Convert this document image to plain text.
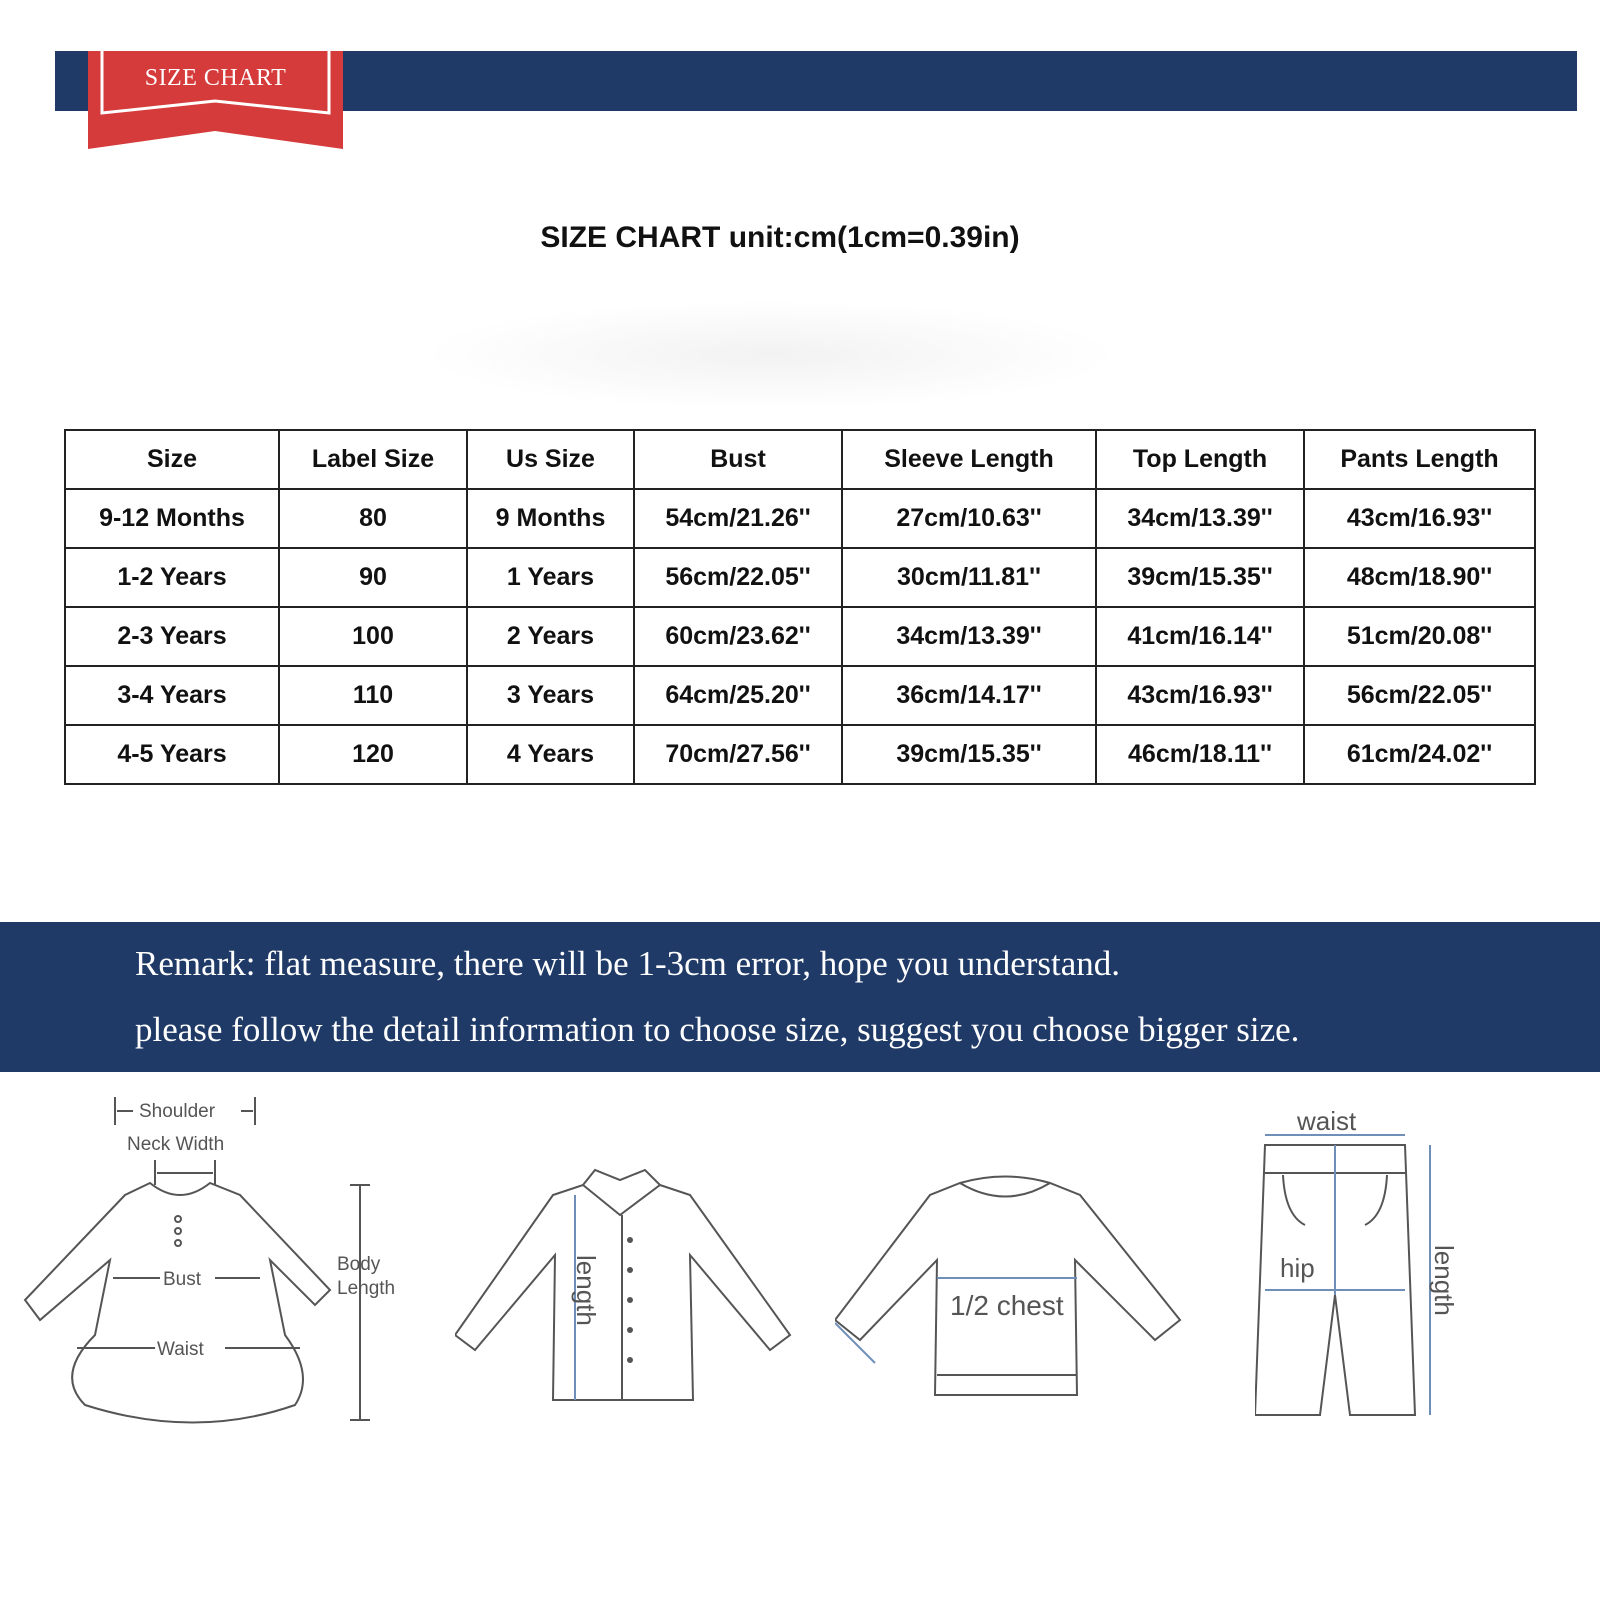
SIZE CHART
SIZE CHART unit:cm(1cm=0.39in)
Size	Label Size	Us Size	Bust	Sleeve Length	Top Length	Pants Length
9-12 Months	80	9 Months	54cm/21.26''	27cm/10.63''	34cm/13.39''	43cm/16.93''
1-2 Years	90	1 Years	56cm/22.05''	30cm/11.81''	39cm/15.35''	48cm/18.90''
2-3 Years	100	2 Years	60cm/23.62''	34cm/13.39''	41cm/16.14''	51cm/20.08''
3-4 Years	110	3 Years	64cm/25.20''	36cm/14.17''	43cm/16.93''	56cm/22.05''
4-5 Years	120	4 Years	70cm/27.56''	39cm/15.35''	46cm/18.11''	61cm/24.02''
Remark: flat measure, there will be 1-3cm error, hope you understand.
please follow the detail information to choose size, suggest you choose bigger size.
Shoulder
Neck Width
Bust
Waist
Body
Length	length	1/2 chest
waist
hip	length
